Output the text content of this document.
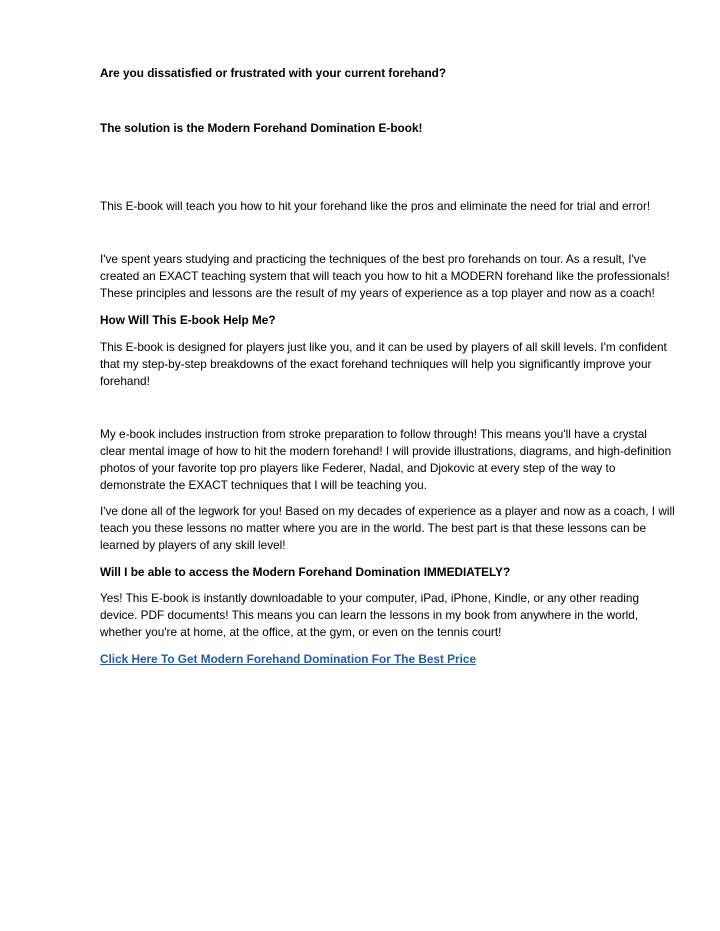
Are you dissatisfied or frustrated with your current forehand?

The solution is the Modern Forehand Domination E-book!

This E-book will teach you how to hit your forehand like the pros and eliminate the need for trial and error!

I've spent years studying and practicing the techniques of the best pro forehands on tour. As a result, I've created an EXACT teaching system that will teach you how to hit a MODERN forehand like the professionals! These principles and lessons are the result of my years of experience as a top player and now as a coach!

How Will This E-book Help Me?

This E-book is designed for players just like you, and it can be used by players of all skill levels. I'm confident that my step-by-step breakdowns of the exact forehand techniques will help you significantly improve your forehand!

My e-book includes instruction from stroke preparation to follow through! This means you'll have a crystal clear mental image of how to hit the modern forehand! I will provide illustrations, diagrams, and high-definition photos of your favorite top pro players like Federer, Nadal, and Djokovic at every step of the way to demonstrate the EXACT techniques that I will be teaching you.

I've done all of the legwork for you! Based on my decades of experience as a player and now as a coach, I will teach you these lessons no matter where you are in the world. The best part is that these lessons can be learned by players of any skill level!

Will I be able to access the Modern Forehand Domination IMMEDIATELY?

Yes! This E-book is instantly downloadable to your computer, iPad, iPhone, Kindle, or any other reading device. PDF documents! This means you can learn the lessons in my book from anywhere in the world, whether you're at home, at the office, at the gym, or even on the tennis court!

Click Here To Get Modern Forehand Domination For The Best Price
